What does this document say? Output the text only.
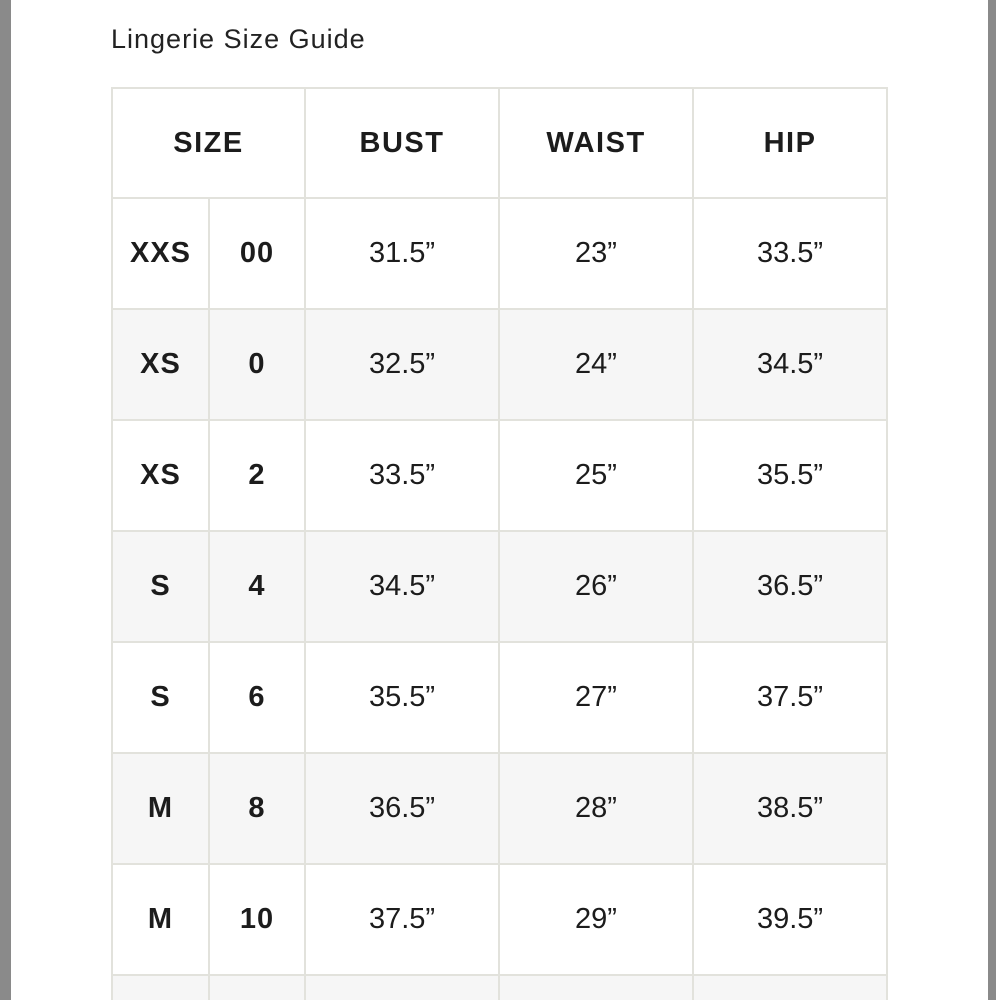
Lingerie Size Guide
SIZE		BUST	WAIST	HIP
XXS	00	31.5”	23”	33.5”
XS	0	32.5”	24”	34.5”
XS	2	33.5”	25”	35.5”
S	4	34.5”	26”	36.5”
S	6	35.5”	27”	37.5”
M	8	36.5”	28”	38.5”
M	10	37.5”	29”	39.5”
